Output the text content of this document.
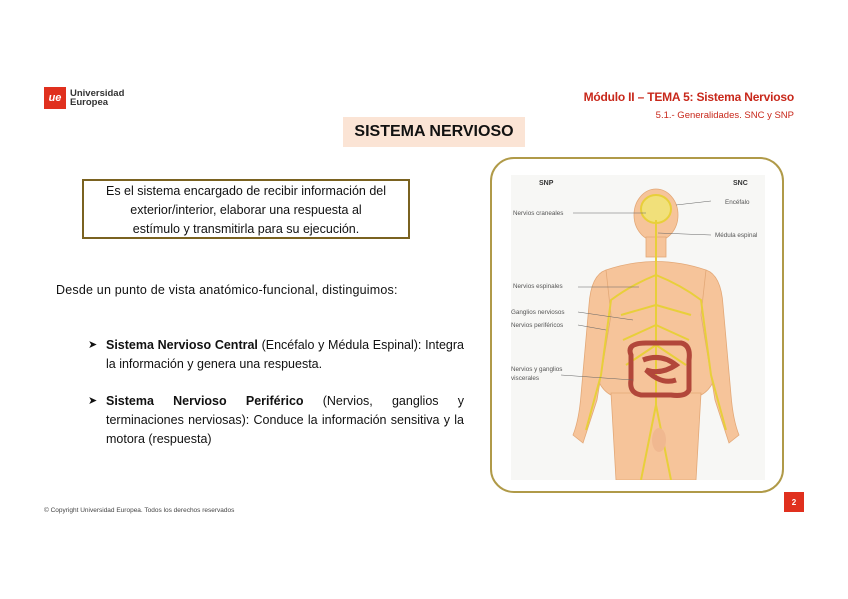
ue Universidad
Europea	Módulo II – TEMA 5: Sistema Nervioso
5.1.- Generalidades. SNC y SNP
SISTEMA NERVIOSO
Es el sistema encargado de recibir información del
exterior/interior, elaborar una respuesta al
estímulo y transmitirla para su ejecución.
Desde un punto de vista anatómico-funcional, distinguimos:
➤ Sistema Nervioso Central (Encéfalo y Médula Espinal): Integra la información y genera una respuesta.
➤ Sistema Nervioso Periférico (Nervios, ganglios y terminaciones nerviosas): Conduce la información sensitiva y la motora (respuesta)
SNP	SNC
Nervios craneales
Nervios espinales
Ganglios nerviosos
Nervios periféricos
Nervios y ganglios
viscerales
Encéfalo
Médula espinal
© Copyright Universidad Europea. Todos los derechos reservados
2
